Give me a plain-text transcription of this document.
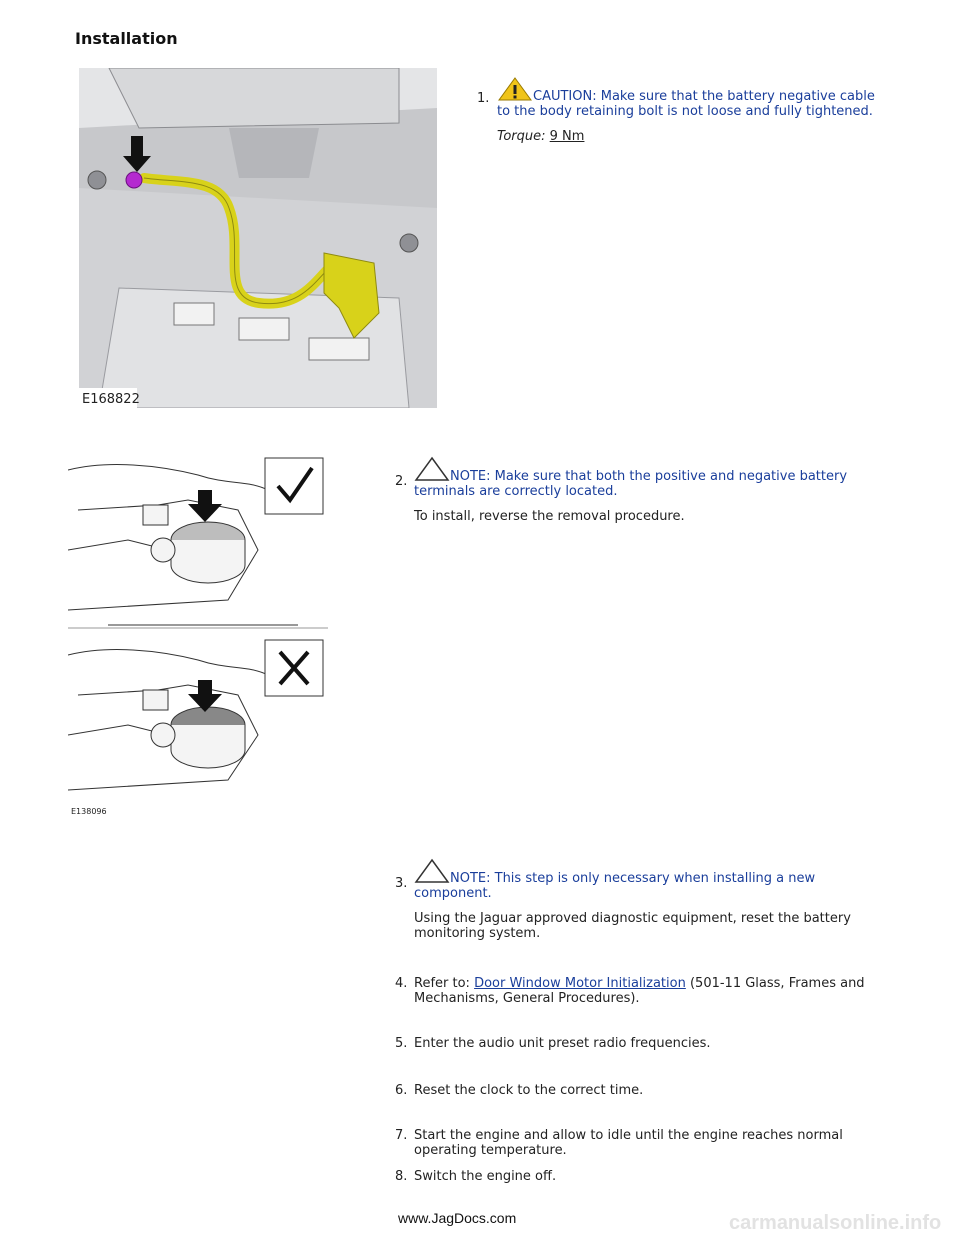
Installation
E168822
E138096
1.	CAUTION: Make sure that the battery negative cable to the body retaining bolt is not loose and fully tightened.
Torque: 9 Nm
2.	NOTE: Make sure that both the positive and negative battery terminals are correctly located.
To install, reverse the removal procedure.
3.	NOTE: This step is only necessary when installing a new component.
Using the Jaguar approved diagnostic equipment, reset the battery monitoring system.
4. Refer to: Door Window Motor Initialization (501-11 Glass, Frames and Mechanisms, General Procedures).
5. Enter the audio unit preset radio frequencies.
6. Reset the clock to the correct time.
7. Start the engine and allow to idle until the engine reaches normal operating temperature.
8. Switch the engine off.
www.JagDocs.com	carmanualsonline.info
